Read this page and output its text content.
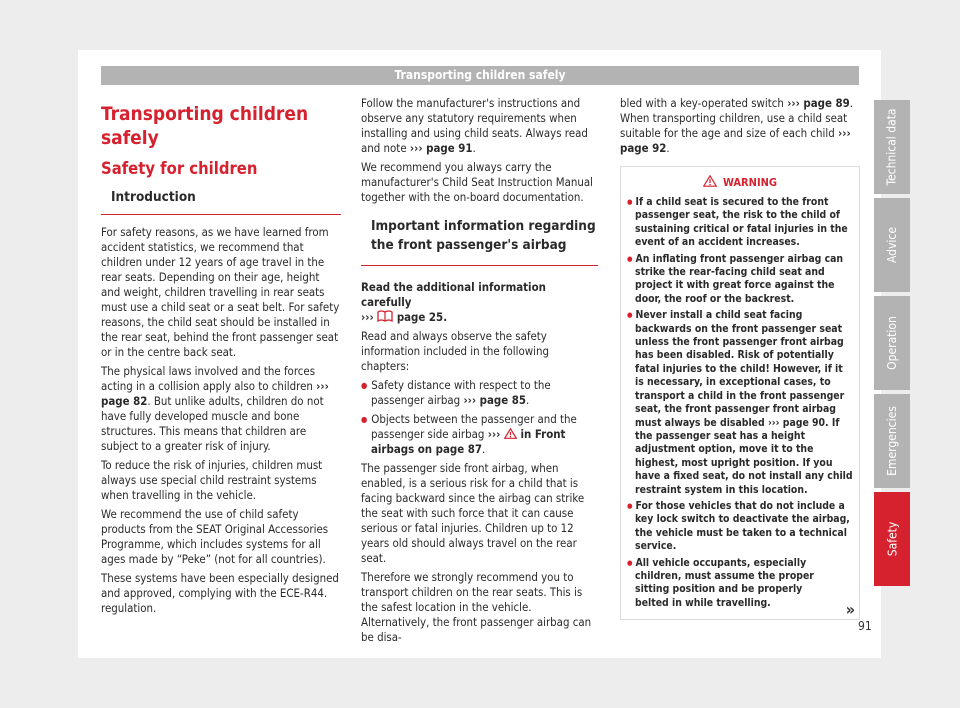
Transporting children safely
Transporting children safely
Safety for children
Introduction

For safety reasons, as we have learned from accident statistics, we recommend that children under 12 years of age travel in the rear seats. Depending on their age, height and weight, children travelling in rear seats must use a child seat or a seat belt. For safety reasons, the child seat should be installed in the rear seat, behind the front passenger seat or in the centre back seat.

The physical laws involved and the forces acting in a collision apply also to children ››› page 82. But unlike adults, children do not have fully developed muscle and bone structures. This means that children are subject to a greater risk of injury.

To reduce the risk of injuries, children must always use special child restraint systems when travelling in the vehicle.

We recommend the use of child safety products from the SEAT Original Accessories Programme, which includes systems for all ages made by “Peke” (not for all countries).

These systems have been especially designed and approved, complying with the ECE-R44. regulation.

Follow the manufacturer's instructions and observe any statutory requirements when installing and using child seats. Always read and note ››› page 91.

We recommend you always carry the manufacturer's Child Seat Instruction Manual together with the on-board documentation.

Important information regarding the front passenger's airbag

Read the additional information carefully
›››  page 25.

Read and always observe the safety information included in the following chapters:

● Safety distance with respect to the passenger airbag ››› page 85.

● Objects between the passenger and the passenger side airbag ›››  in Front airbags on page 87.

The passenger side front airbag, when enabled, is a serious risk for a child that is facing backward since the airbag can strike the seat with such force that it can cause serious or fatal injuries. Children up to 12 years old should always travel on the rear seat.

Therefore we strongly recommend you to transport children on the rear seats. This is the safest location in the vehicle. Alternatively, the front passenger airbag can be disa-

bled with a key-operated switch ››› page 89. When transporting children, use a child seat suitable for the age and size of each child ››› page 92.

WARNING
● If a child seat is secured to the front passenger seat, the risk to the child of sustaining critical or fatal injuries in the event of an accident increases.
● An inflating front passenger airbag can strike the rear-facing child seat and project it with great force against the door, the roof or the backrest.
● Never install a child seat facing backwards on the front passenger seat unless the front passenger front airbag has been disabled. Risk of potentially fatal injuries to the child! However, if it is necessary, in exceptional cases, to transport a child in the front passenger seat, the front passenger front airbag must always be disabled ››› page 90. If the passenger seat has a height adjustment option, move it to the highest, most upright position. If you have a fixed seat, do not install any child restraint system in this location.
● For those vehicles that do not include a key lock switch to deactivate the airbag, the vehicle must be taken to a technical service.
● All vehicle occupants, especially children, must assume the proper sitting position and be properly belted in while travelling.	»
Technical data
Advice
Operation
Emergencies
Safety
91
